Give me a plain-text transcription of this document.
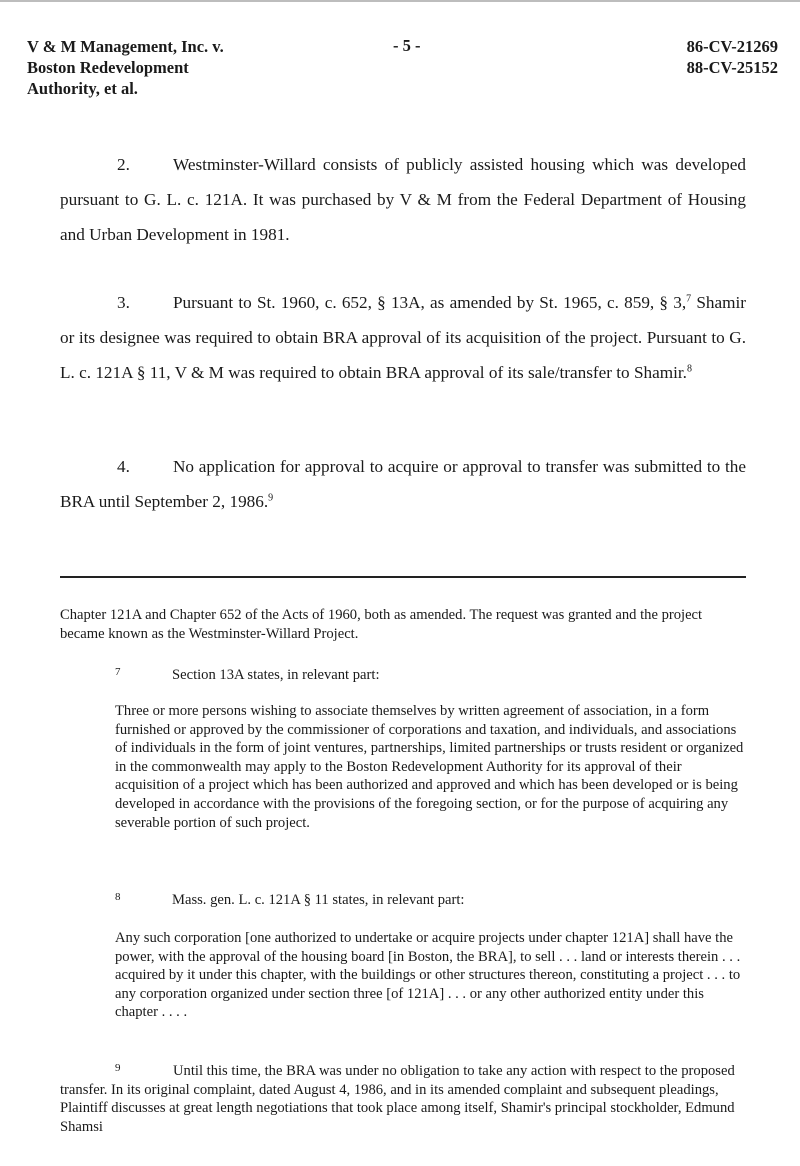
V & M Management, Inc. v.
Boston Redevelopment
Authority, et al.
- 5 -	86-CV-21269
88-CV-25152

2.	Westminster-Willard consists of publicly assisted housing which was developed pursuant to G. L. c. 121A. It was purchased by V & M from the Federal Department of Housing and Urban Development in 1981.

3.	Pursuant to St. 1960, c. 652, § 13A, as amended by St. 1965, c. 859, § 3,$^7$ Shamir or its designee was required to obtain BRA approval of its acquisition of the project. Pursuant to G. L. c. 121A § 11, V & M was required to obtain BRA approval of its sale/transfer to Shamir.$^8$

4.	No application for approval to acquire or approval to transfer was submitted to the BRA until September 2, 1986.$^9$

Chapter 121A and Chapter 652 of the Acts of 1960, both as amended. The request was granted and the project became known as the Westminster-Willard Project.

7	Section 13A states, in relevant part:

Three or more persons wishing to associate themselves by written agreement of association, in a form furnished or approved by the commissioner of corporations and taxation, and individuals, and associations of individuals in the form of joint ventures, partnerships, limited partnerships or trusts resident or organized in the commonwealth may apply to the Boston Redevelopment Authority for its approval of their acquisition of a project which has been authorized and approved and which has been developed or is being developed in accordance with the provisions of the foregoing section, or for the purpose of acquiring any severable portion of such project.

8	Mass. gen. L. c. 121A § 11 states, in relevant part:

Any such corporation [one authorized to undertake or acquire projects under chapter 121A] shall have the power, with the approval of the housing board [in Boston, the BRA], to sell . . . land or interests therein . . . acquired by it under this chapter, with the buildings or other structures thereon, constituting a project . . . to any corporation organized under section three [of 121A] . . . or any other authorized entity under this chapter . . . .

9	Until this time, the BRA was under no obligation to take any action with respect to the proposed transfer. In its original complaint, dated August 4, 1986, and in its amended complaint and subsequent pleadings, Plaintiff discusses at great length negotiations that took place among itself, Shamir's principal stockholder, Edmund Shamsi
